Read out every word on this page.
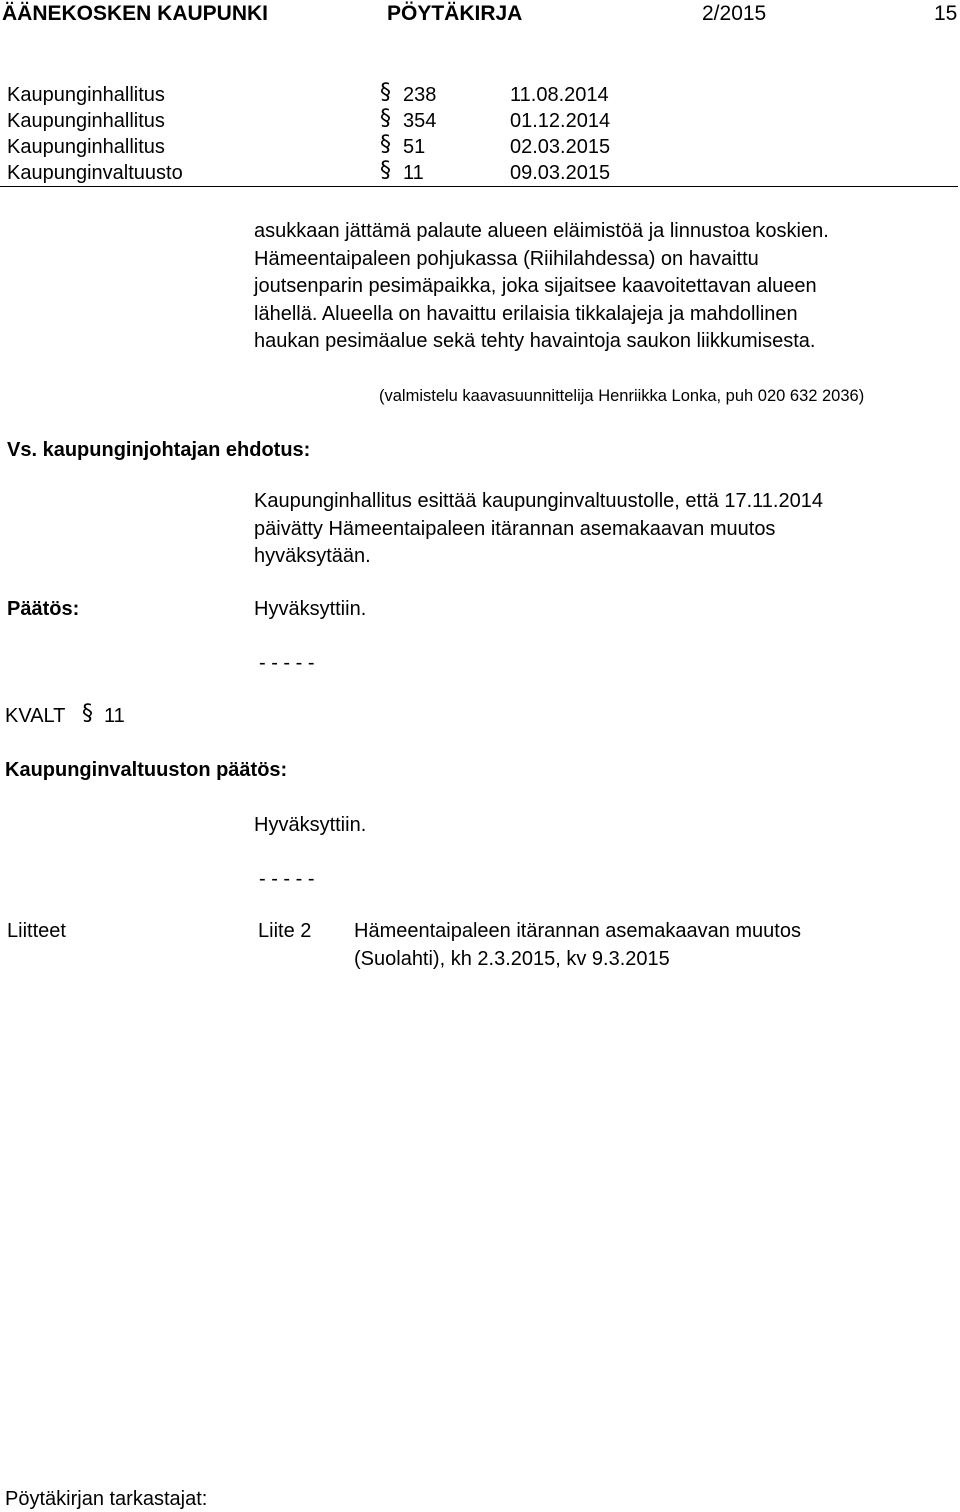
ÄÄNEKOSKEN KAUPUNKI	PÖYTÄKIRJA	2/2015	15
Kaupunginhallitus	§ 238	11.08.2014
Kaupunginhallitus	§ 354	01.12.2014
Kaupunginhallitus	§ 51	02.03.2015
Kaupunginvaltuusto	§ 11	09.03.2015
asukkaan jättämä palaute alueen eläimistöä ja linnustoa koskien.
Hämeentaipaleen pohjukassa (Riihilahdessa) on havaittu
joutsenparin pesimäpaikka, joka sijaitsee kaavoitettavan alueen
lähellä. Alueella on havaittu erilaisia tikkalajeja ja mahdollinen
haukan pesimäalue sekä tehty havaintoja saukon liikkumisesta.
(valmistelu kaavasuunnittelija Henriikka Lonka, puh 020 632 2036)
Vs. kaupunginjohtajan ehdotus:
Kaupunginhallitus esittää kaupunginvaltuustolle, että 17.11.2014
päivätty Hämeentaipaleen itärannan asemakaavan muutos
hyväksytään.
Päätös:	Hyväksyttiin.
- - - - -
KVALT § 11
Kaupunginvaltuuston päätös:
Hyväksyttiin.
- - - - -
Liitteet	Liite 2 Hämeentaipaleen itärannan asemakaavan muutos
(Suolahti), kh 2.3.2015, kv 9.3.2015
Pöytäkirjan tarkastajat:
